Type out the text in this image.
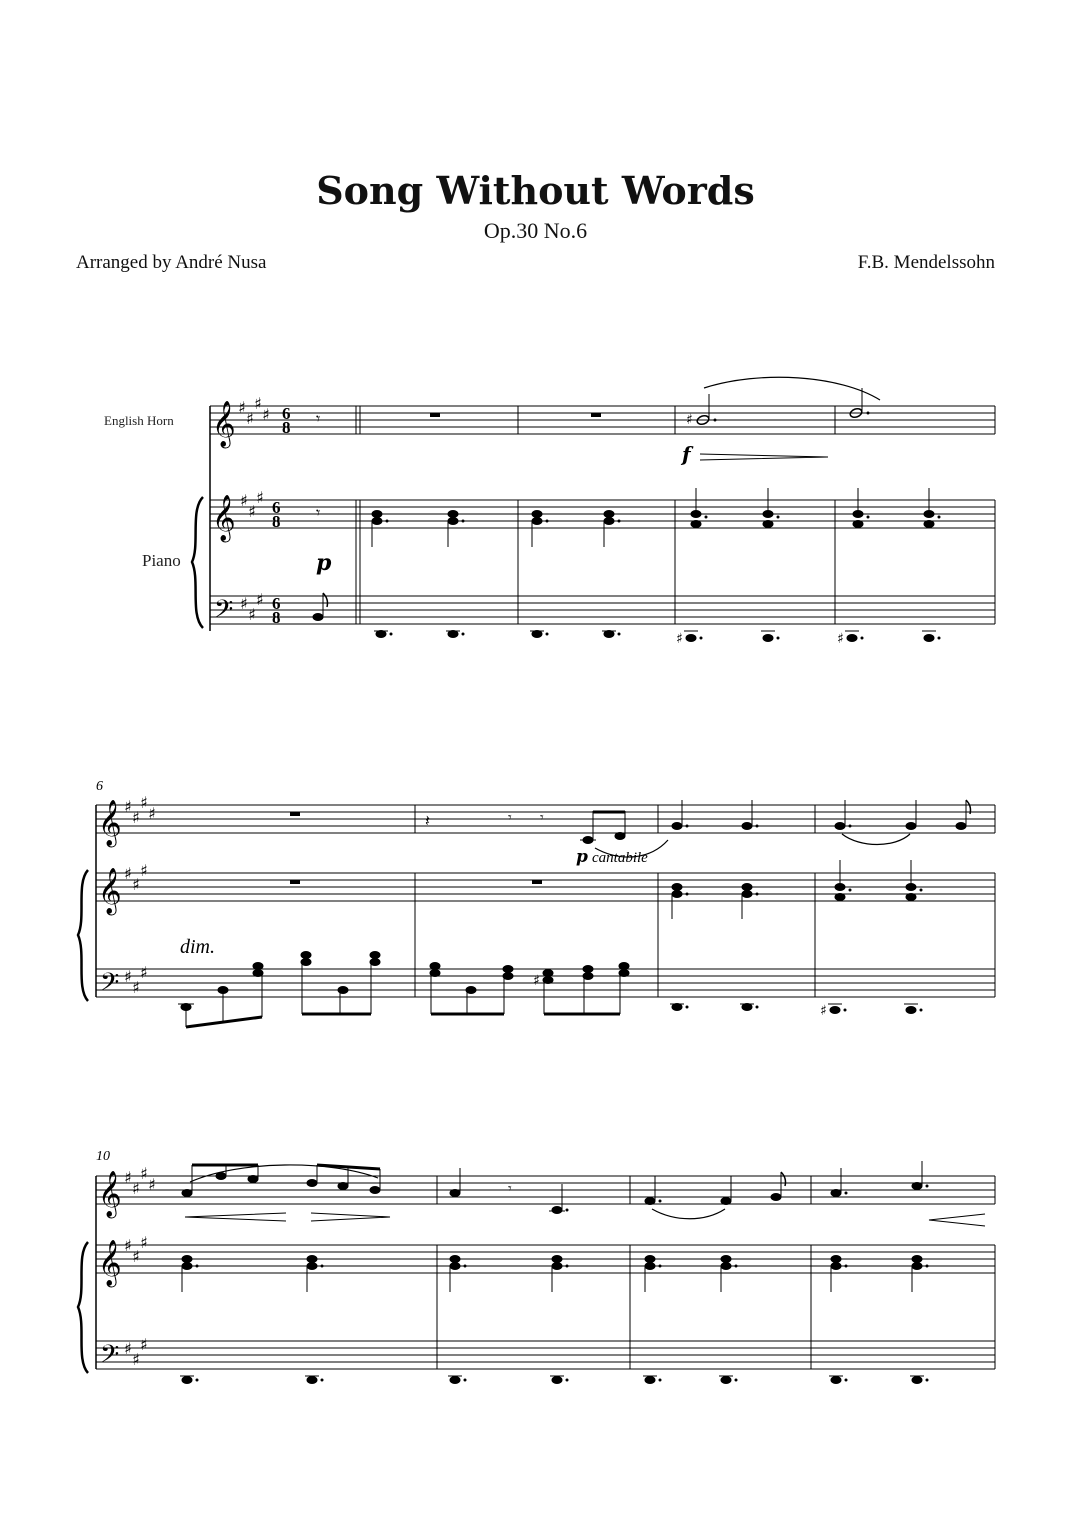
Song Without Words
Op.30 No.6
Arranged by André Nusa	F.B. Mendelssohn
𝄞
𝄞
𝄢
♯
♯
♯
♯
♯
♯
♯
♯
♯
♯
6
8
6
8
6
8
English Horn
Piano
𝄾
𝄾
♯
♯	♯
f
p
6
𝄞 ♯
♯
♯
♯
𝄞 ♯
♯
♯
𝄢 ♯
♯
♯
𝄽	𝄾 𝄾
♯
♯
p cantabile
dim.
10
𝄞 ♯
♯
♯
♯
𝄞 ♯
♯
♯
𝄢 ♯
♯
♯
𝄾
